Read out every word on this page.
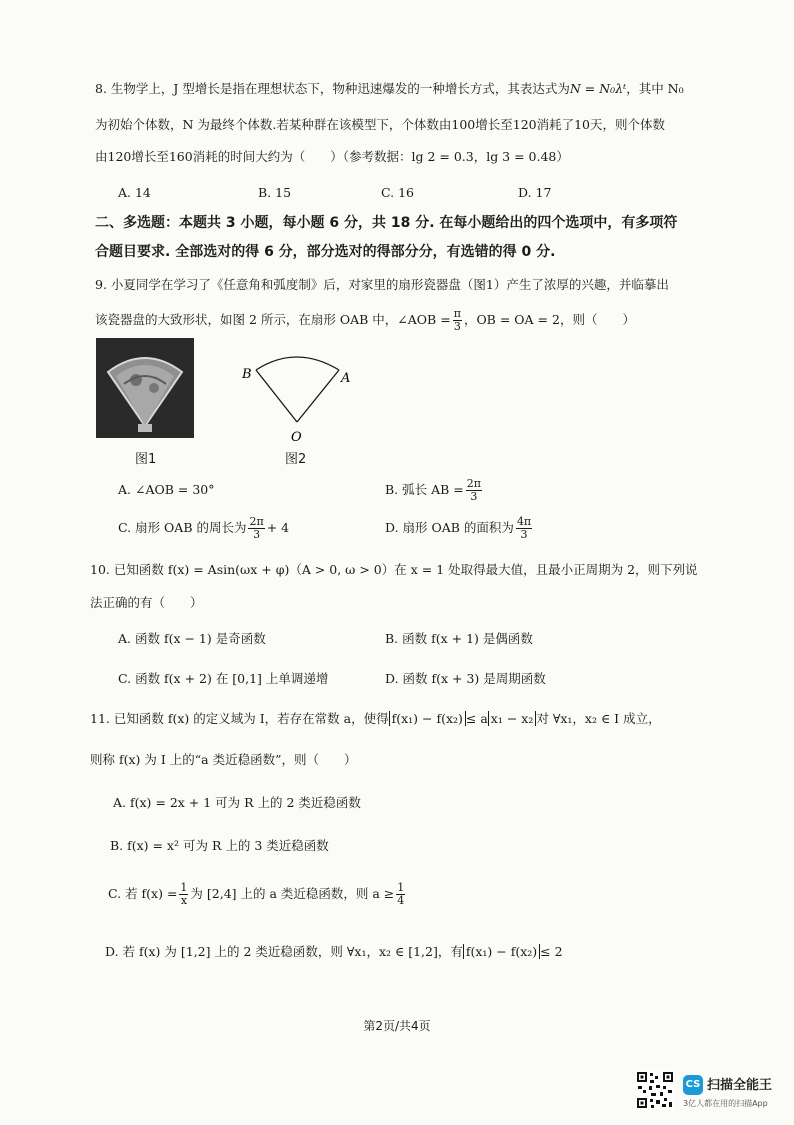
8. 生物学上，J 型增长是指在理想状态下，物种迅速爆发的一种增长方式，其表达式为N = N₀λᵗ，其中 N₀
为初始个体数，N 为最终个体数.若某种群在该模型下，个体数由100增长至120消耗了10天，则个体数
由120增长至160消耗的时间大约为（　　）（参考数据：lg 2 = 0.3，lg 3 = 0.48）
A. 14	B. 15	C. 16	D. 17
二、多选题：本题共 3 小题，每小题 6 分，共 18 分. 在每小题给出的四个选项中，有多项符
合题目要求. 全部选对的得 6 分，部分选对的得部分分，有选错的得 0 分.
9. 小夏同学在学习了《任意角和弧度制》后，对家里的扇形瓷器盘（图1）产生了浓厚的兴趣，并临摹出
该瓷器盘的大致形状，如图 2 所示，在扇形 OAB 中，∠AOB = $\frac{\pi}{3}$ ，OB = OA = 2，则（　　）
图1
B	A
O
图2
A. ∠AOB = 30°	B. 弧长 AB = $\frac{2\pi}{3}$
C. 扇形 OAB 的周长为 $\frac{2\pi}{3} + 4$	D. 扇形 OAB 的面积为 $\frac{4\pi}{3}$
10. 已知函数 f(x) = Asin(ωx + φ)（A > 0, ω > 0）在 x = 1 处取得最大值，且最小正周期为 2，则下列说
法正确的有（　　）
A. 函数 f(x − 1) 是奇函数	B. 函数 f(x + 1) 是偶函数
C. 函数 f(x + 2) 在 [0,1] 上单调递增	D. 函数 f(x + 3) 是周期函数
11. 已知函数 f(x) 的定义域为 I，若存在常数 a，使得 f(x₁) − f(x₂) ≤ a x₁ − x₂ 对 ∀x₁，x₂ ∈ I 成立，
则称 f(x) 为 I 上的“a 类近稳函数”，则（　　）
A. f(x) = 2x + 1 可为 R 上的 2 类近稳函数
B. f(x) = x² 可为 R 上的 3 类近稳函数
C. 若 $f(x) = \frac{1}{x}$ 为 [2,4] 上的 a 类近稳函数，则 $a \ge \frac{1}{4}$
D. 若 f(x) 为 [1,2] 上的 2 类近稳函数，则 ∀x₁，x₂ ∈ [1,2]，有 f(x₁) − f(x₂) ≤ 2
第2页/共4页
CS 扫描全能王
3亿人都在用的扫描App
